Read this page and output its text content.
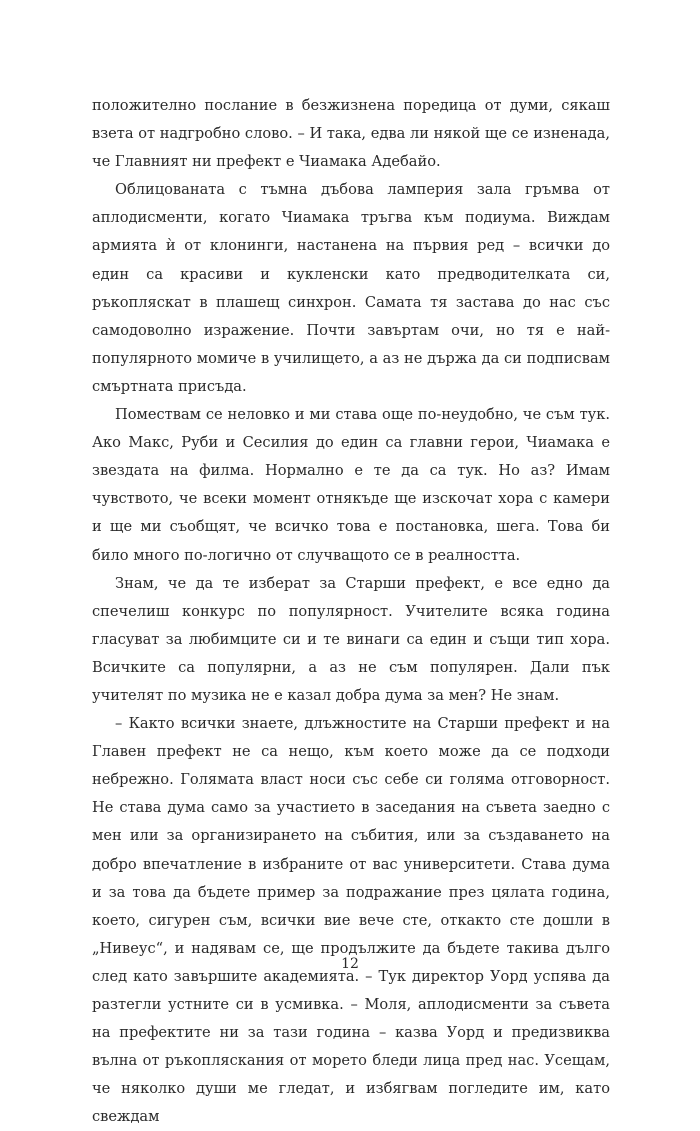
положително послание в безжизнена поредица от думи, сякаш взета от надгробно слово. – И така, едва ли някой ще се изненада, че Главният ни префект е Чиамака Адебайо.

Облицованата с тъмна дъбова ламперия зала гръмва от аплодисменти, когато Чиамака тръгва към подиума. Виждам армията ѝ от клонинги, настанена на първия ред – всички до един са красиви и кукленски като предводителката си, ръкопляскат в плашещ синхрон. Самата тя застава до нас със самодоволно изражение. Почти завъртам очи, но тя е най-популярното момиче в училището, а аз не държа да си подписвам смъртната присъда.

Помествам се неловко и ми става още по-неудобно, че съм тук. Ако Макс, Руби и Сесилия до един са главни герои, Чиамака е звездата на филма. Нормално е те да са тук. Но аз? Имам чувството, че всеки момент отнякъде ще изскочат хора с камери и ще ми съобщят, че всичко това е постановка, шега. Това би било много по-логично от случващото се в реалността.

Знам, че да те изберат за Старши префект, е все едно да спечелиш конкурс по популярност. Учителите всяка година гласуват за любимците си и те винаги са един и същи тип хора. Всичките са популярни, а аз не съм популярен. Дали пък учителят по музика не е казал добра дума за мен? Не знам.

– Както всички знаете, длъжностите на Старши префект и на Главен префект не са нещо, към което може да се подходи небрежно. Голямата власт носи със себе си голяма отговорност. Не става дума само за участието в заседания на съвета заедно с мен или за организирането на събития, или за създаването на добро впечатление в избраните от вас университети. Става дума и за това да бъдете пример за подражание през цялата година, което, сигурен съм, всички вие вече сте, откакто сте дошли в „Нивеус“, и надявам се, ще продължите да бъдете такива дълго след като завършите академията. – Тук директор Уорд успява да разтегли устните си в усмивка. – Моля, аплодисменти за съвета на префектите ни за тази година – казва Уорд и предизвиква вълна от ръкопляскания от морето бледи лица пред нас. Усещам, че няколко души ме гледат, и избягвам погледите им, като свеждам

12
